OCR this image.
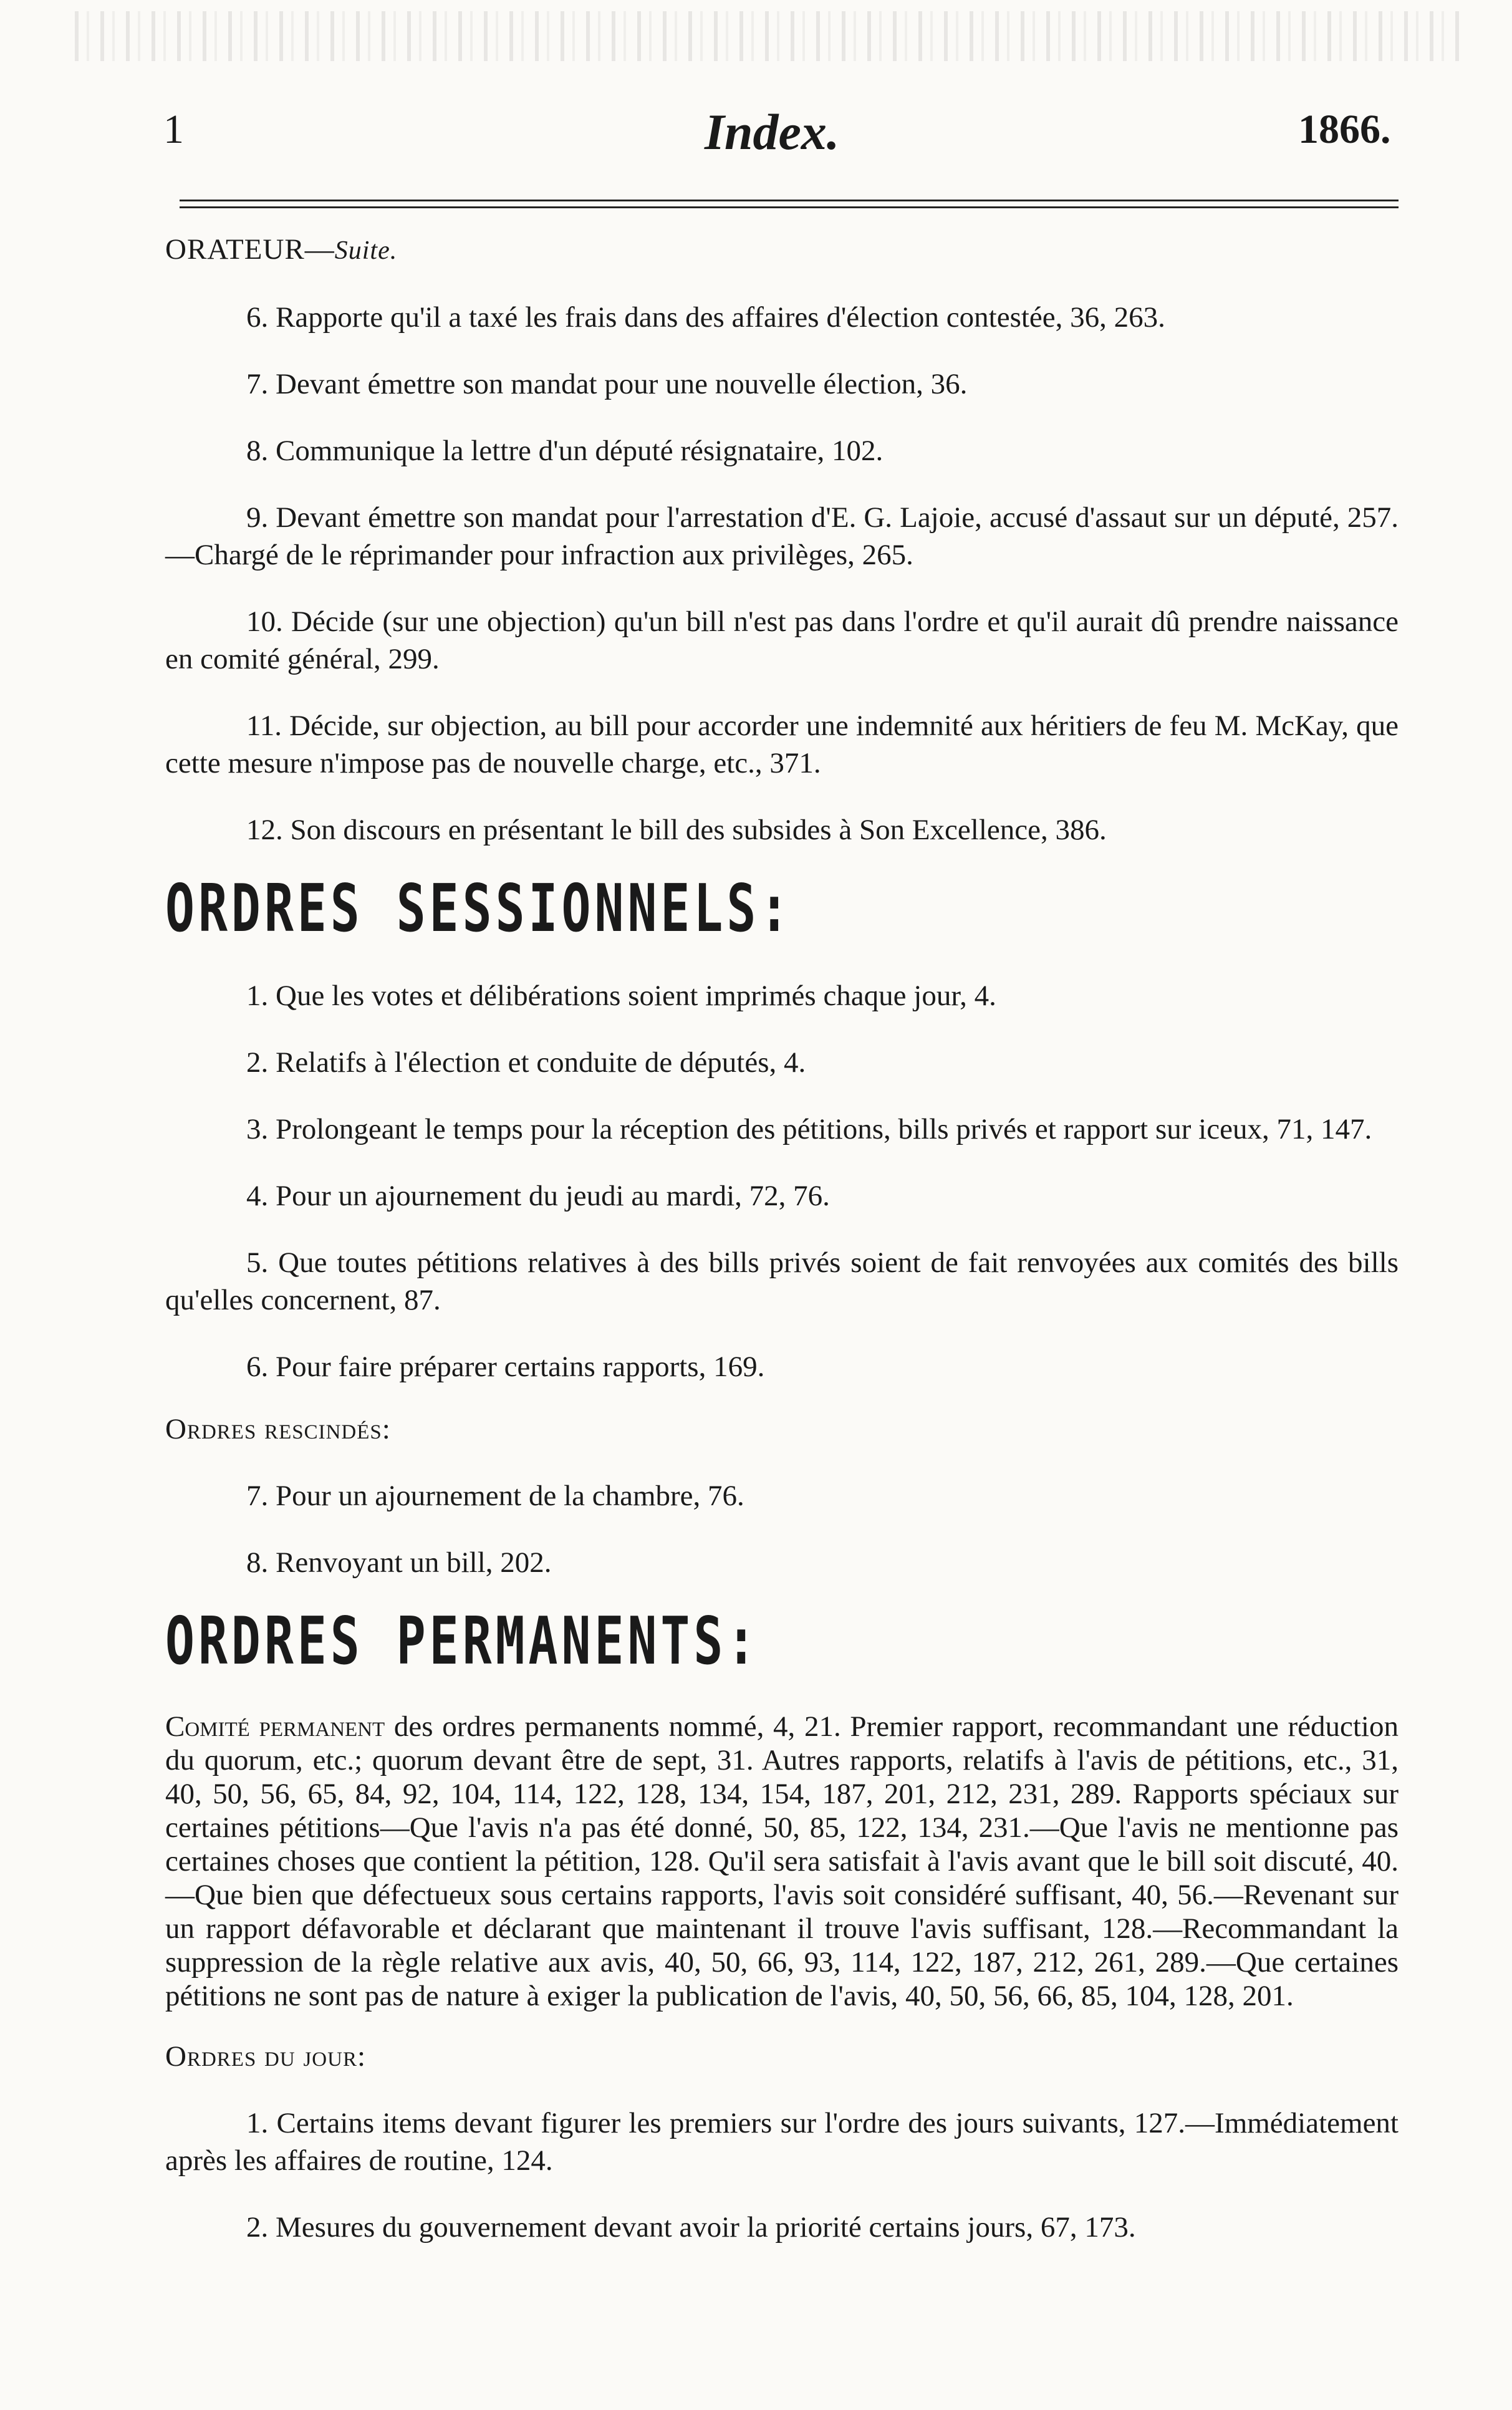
1	Index.	1866.
ORATEUR—Suite.

6. Rapporte qu'il a taxé les frais dans des affaires d'élection contestée, 36, 263.

7. Devant émettre son mandat pour une nouvelle élection, 36.

8. Communique la lettre d'un député résignataire, 102.

9. Devant émettre son mandat pour l'arrestation d'E. G. Lajoie, accusé d'assaut sur un député, 257.—Chargé de le réprimander pour infraction aux privilèges, 265.

10. Décide (sur une objection) qu'un bill n'est pas dans l'ordre et qu'il aurait dû prendre naissance en comité général, 299.

11. Décide, sur objection, au bill pour accorder une indemnité aux héritiers de feu M. McKay, que cette mesure n'impose pas de nouvelle charge, etc., 371.

12. Son discours en présentant le bill des subsides à Son Excellence, 386.

ORDRES SESSIONNELS:

1. Que les votes et délibérations soient imprimés chaque jour, 4.

2. Relatifs à l'élection et conduite de députés, 4.

3. Prolongeant le temps pour la réception des pétitions, bills privés et rapport sur iceux, 71, 147.

4. Pour un ajournement du jeudi au mardi, 72, 76.

5. Que toutes pétitions relatives à des bills privés soient de fait renvoyées aux comités des bills qu'elles concernent, 87.

6. Pour faire préparer certains rapports, 169.

Ordres rescindés:

7. Pour un ajournement de la chambre, 76.

8. Renvoyant un bill, 202.

ORDRES PERMANENTS:

Comité permanent des ordres permanents nommé, 4, 21. Premier rapport, recommandant une réduction du quorum, etc.; quorum devant être de sept, 31. Autres rapports, relatifs à l'avis de pétitions, etc., 31, 40, 50, 56, 65, 84, 92, 104, 114, 122, 128, 134, 154, 187, 201, 212, 231, 289. Rapports spéciaux sur certaines pétitions—Que l'avis n'a pas été donné, 50, 85, 122, 134, 231.—Que l'avis ne mentionne pas certaines choses que contient la pétition, 128. Qu'il sera satisfait à l'avis avant que le bill soit discuté, 40.—Que bien que défectueux sous certains rapports, l'avis soit considéré suffisant, 40, 56.—Revenant sur un rapport défavorable et déclarant que maintenant il trouve l'avis suffisant, 128.—Recommandant la suppression de la règle relative aux avis, 40, 50, 66, 93, 114, 122, 187, 212, 261, 289.—Que certaines pétitions ne sont pas de nature à exiger la publication de l'avis, 40, 50, 56, 66, 85, 104, 128, 201.

Ordres du jour:

1. Certains items devant figurer les premiers sur l'ordre des jours suivants, 127.—Immédiatement après les affaires de routine, 124.

2. Mesures du gouvernement devant avoir la priorité certains jours, 67, 173.
